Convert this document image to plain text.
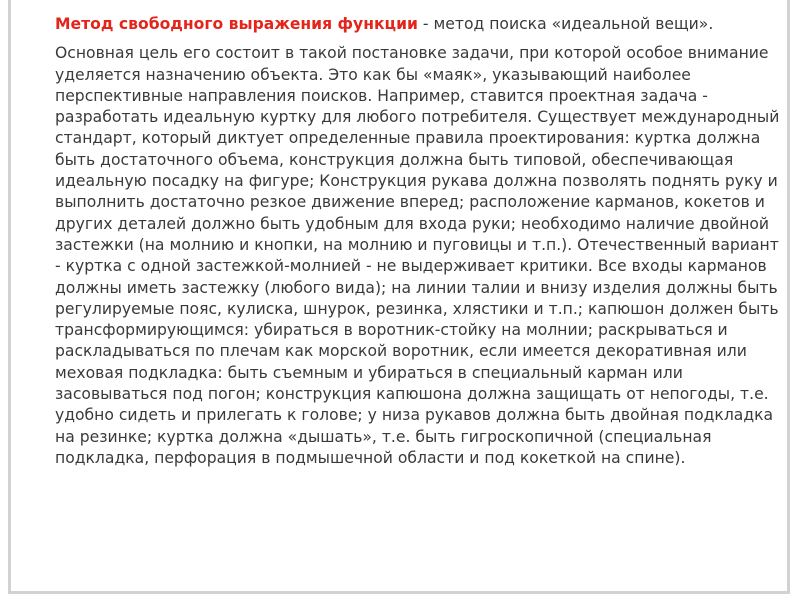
Метод свободного выражения функции - метод поиска «идеальной вещи».

Основная цель его состоит в такой постановке задачи, при которой особое внимание уделяется назначению объекта. Это как бы «маяк», указывающий наиболее перспективные направления поисков. Например, ставится проектная задача - разработать идеальную куртку для любого потребителя. Существует международный стандарт, который диктует определенные правила проектирования: куртка должна быть достаточного объема, конструкция должна быть типовой, обеспечивающая идеальную посадку на фигуре; Конструкция рукава должна позволять поднять руку и выполнить достаточно резкое движение вперед; расположение карманов, кокетов и других деталей должно быть удобным для входа руки; необходимо наличие двойной застежки (на молнию и кнопки, на молнию и пуговицы и т.п.). Отечественный вариант - куртка с одной застежкой-молнией - не выдерживает критики. Все входы карманов должны иметь застежку (любого вида); на линии талии и внизу изделия должны быть регулируемые пояс, кулиска, шнурок, резинка, хлястики и т.п.; капюшон должен быть трансформирующимся: убираться в воротник-стойку на молнии; раскрываться и раскладываться по плечам как морской воротник, если имеется декоративная или меховая подкладка: быть съемным и убираться в специальный карман или засовываться под погон; конструкция капюшона должна защищать от непогоды, т.е. удобно сидеть и прилегать к голове; у низа рукавов должна быть двойная подкладка на резинке; куртка должна «дышать», т.е. быть гигроскопичной (специальная подкладка, перфорация в подмышечной области и под кокеткой на спине).
